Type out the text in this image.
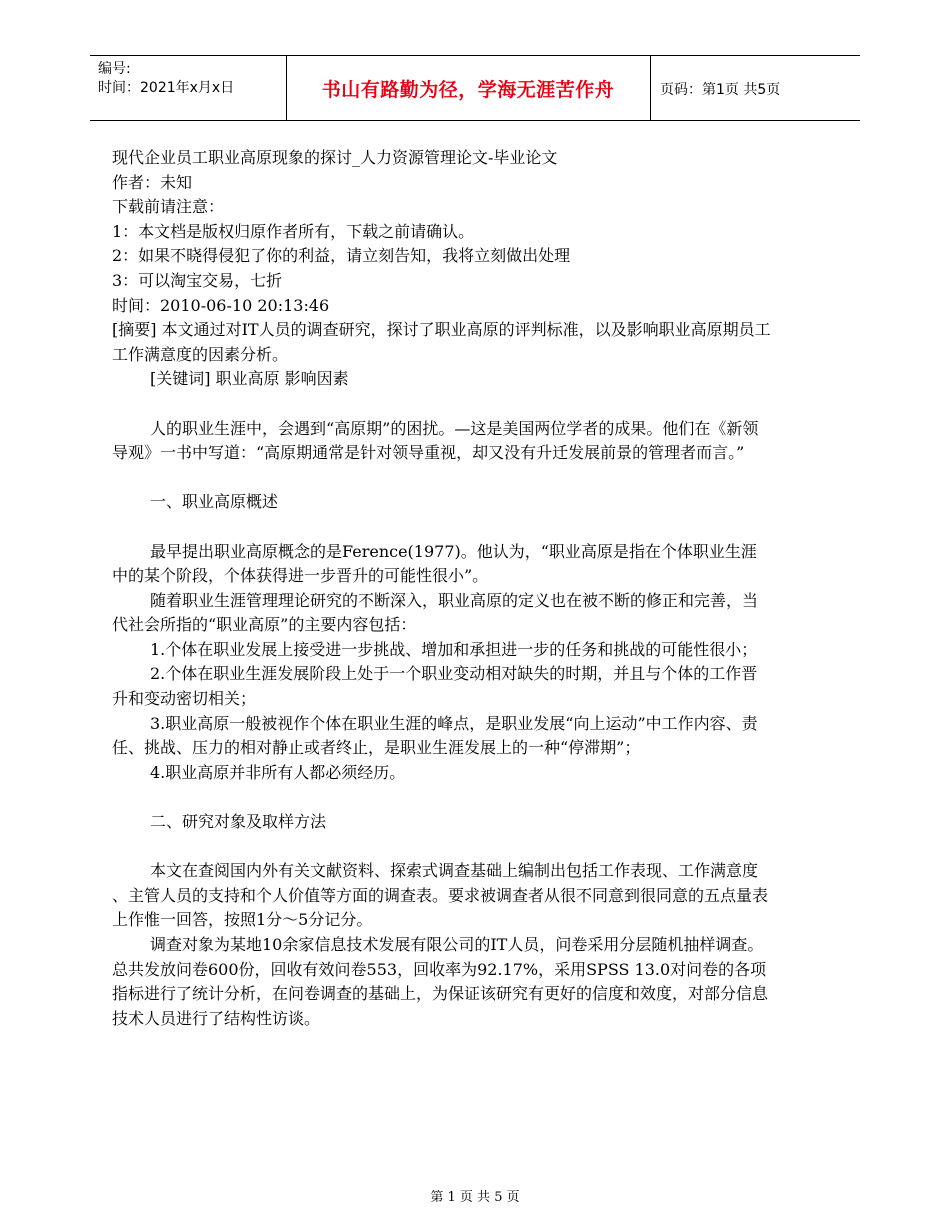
编号:
时间：2021年x月x日	书山有路勤为径，学海无涯苦作舟	页码：第1页 共5页

现代企业员工职业高原现象的探讨_人力资源管理论文-毕业论文

作者：未知

下载前请注意：

1：本文档是版权归原作者所有，下载之前请确认。

2：如果不晓得侵犯了你的利益，请立刻告知，我将立刻做出处理

3：可以淘宝交易，七折

时间：2010-06-10 20:13:46

[摘要] 本文通过对IT人员的调查研究，探讨了职业高原的评判标准，以及影响职业高原期员工工作满意度的因素分析。

[关键词] 职业高原 影响因素

人的职业生涯中，会遇到“高原期”的困扰。—这是美国两位学者的成果。他们在《新领导观》一书中写道：“高原期通常是针对领导重视，却又没有升迁发展前景的管理者而言。”

一、职业高原概述

最早提出职业高原概念的是Ference(1977)。他认为，“职业高原是指在个体职业生涯中的某个阶段，个体获得进一步晋升的可能性很小”。

随着职业生涯管理理论研究的不断深入，职业高原的定义也在被不断的修正和完善，当代社会所指的“职业高原”的主要内容包括：

1.个体在职业发展上接受进一步挑战、增加和承担进一步的任务和挑战的可能性很小；

2.个体在职业生涯发展阶段上处于一个职业变动相对缺失的时期，并且与个体的工作晋升和变动密切相关；

3.职业高原一般被视作个体在职业生涯的峰点，是职业发展“向上运动”中工作内容、责任、挑战、压力的相对静止或者终止，是职业生涯发展上的一种“停滞期”；

4.职业高原并非所有人都必须经历。

二、研究对象及取样方法

本文在查阅国内外有关文献资料、探索式调查基础上编制出包括工作表现、工作满意度 、主管人员的支持和个人价值等方面的调查表。要求被调查者从很不同意到很同意的五点量表上作惟一回答，按照1分～5分记分。

调查对象为某地10余家信息技术发展有限公司的IT人员，问卷采用分层随机抽样调查。总共发放问卷600份，回收有效问卷553，回收率为92.17%，采用SPSS 13.0对问卷的各项指标进行了统计分析，在问卷调查的基础上，为保证该研究有更好的信度和效度，对部分信息技术人员进行了结构性访谈。

第 1 页 共 5 页
